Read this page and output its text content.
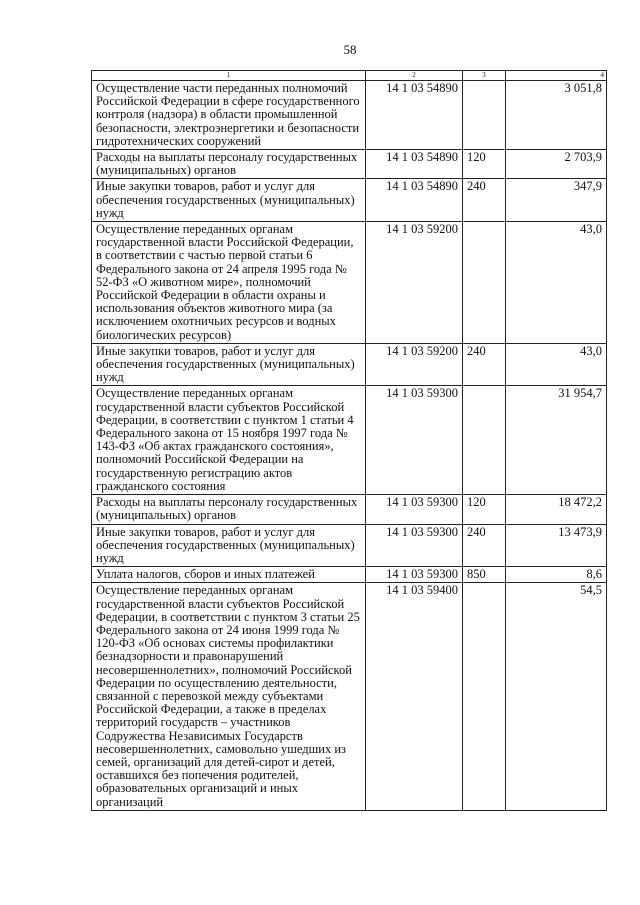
58
1	2	3	4
Осуществление части переданных полномочий Российской Федерации в сфере государственного контроля (надзора) в области промышленной безопасности, электроэнергетики и безопасности гидротехнических сооружений	14 1 03 54890		3 051,8
Расходы на выплаты персоналу государственных (муниципальных) органов	14 1 03 54890	120	2 703,9
Иные закупки товаров, работ и услуг для обеспечения государственных (муниципальных) нужд	14 1 03 54890	240	347,9
Осуществление переданных органам государственной власти Российской Федерации, в соответствии с частью первой статьи 6 Федерального закона от 24 апреля 1995 года № 52-ФЗ «О животном мире», полномочий Российской Федерации в области охраны и использования объектов животного мира (за исключением охотничьих ресурсов и водных биологических ресурсов)	14 1 03 59200		43,0
Иные закупки товаров, работ и услуг для обеспечения государственных (муниципальных) нужд	14 1 03 59200	240	43,0
Осуществление переданных органам государственной власти субъектов Российской Федерации, в соответствии с пунктом 1 статьи 4 Федерального закона от 15 ноября 1997 года № 143-ФЗ «Об актах гражданского состояния», полномочий Российской Федерации на государственную регистрацию актов гражданского состояния	14 1 03 59300		31 954,7
Расходы на выплаты персоналу государственных (муниципальных) органов	14 1 03 59300	120	18 472,2
Иные закупки товаров, работ и услуг для обеспечения государственных (муниципальных) нужд	14 1 03 59300	240	13 473,9
Уплата налогов, сборов и иных платежей	14 1 03 59300	850	8,6
Осуществление переданных органам государственной власти субъектов Российской Федерации, в соответствии с пунктом 3 статьи 25 Федерального закона от 24 июня 1999 года № 120-ФЗ «Об основах системы профилактики безнадзорности и правонарушений несовершеннолетних», полномочий Российской Федерации по осуществлению деятельности, связанной с перевозкой между субъектами Российской Федерации, а также в пределах территорий государств – участников Содружества Независимых Государств несовершеннолетних, самовольно ушедших из семей, организаций для детей-сирот и детей, оставшихся без попечения родителей, образовательных организаций и иных организаций	14 1 03 59400		54,5
